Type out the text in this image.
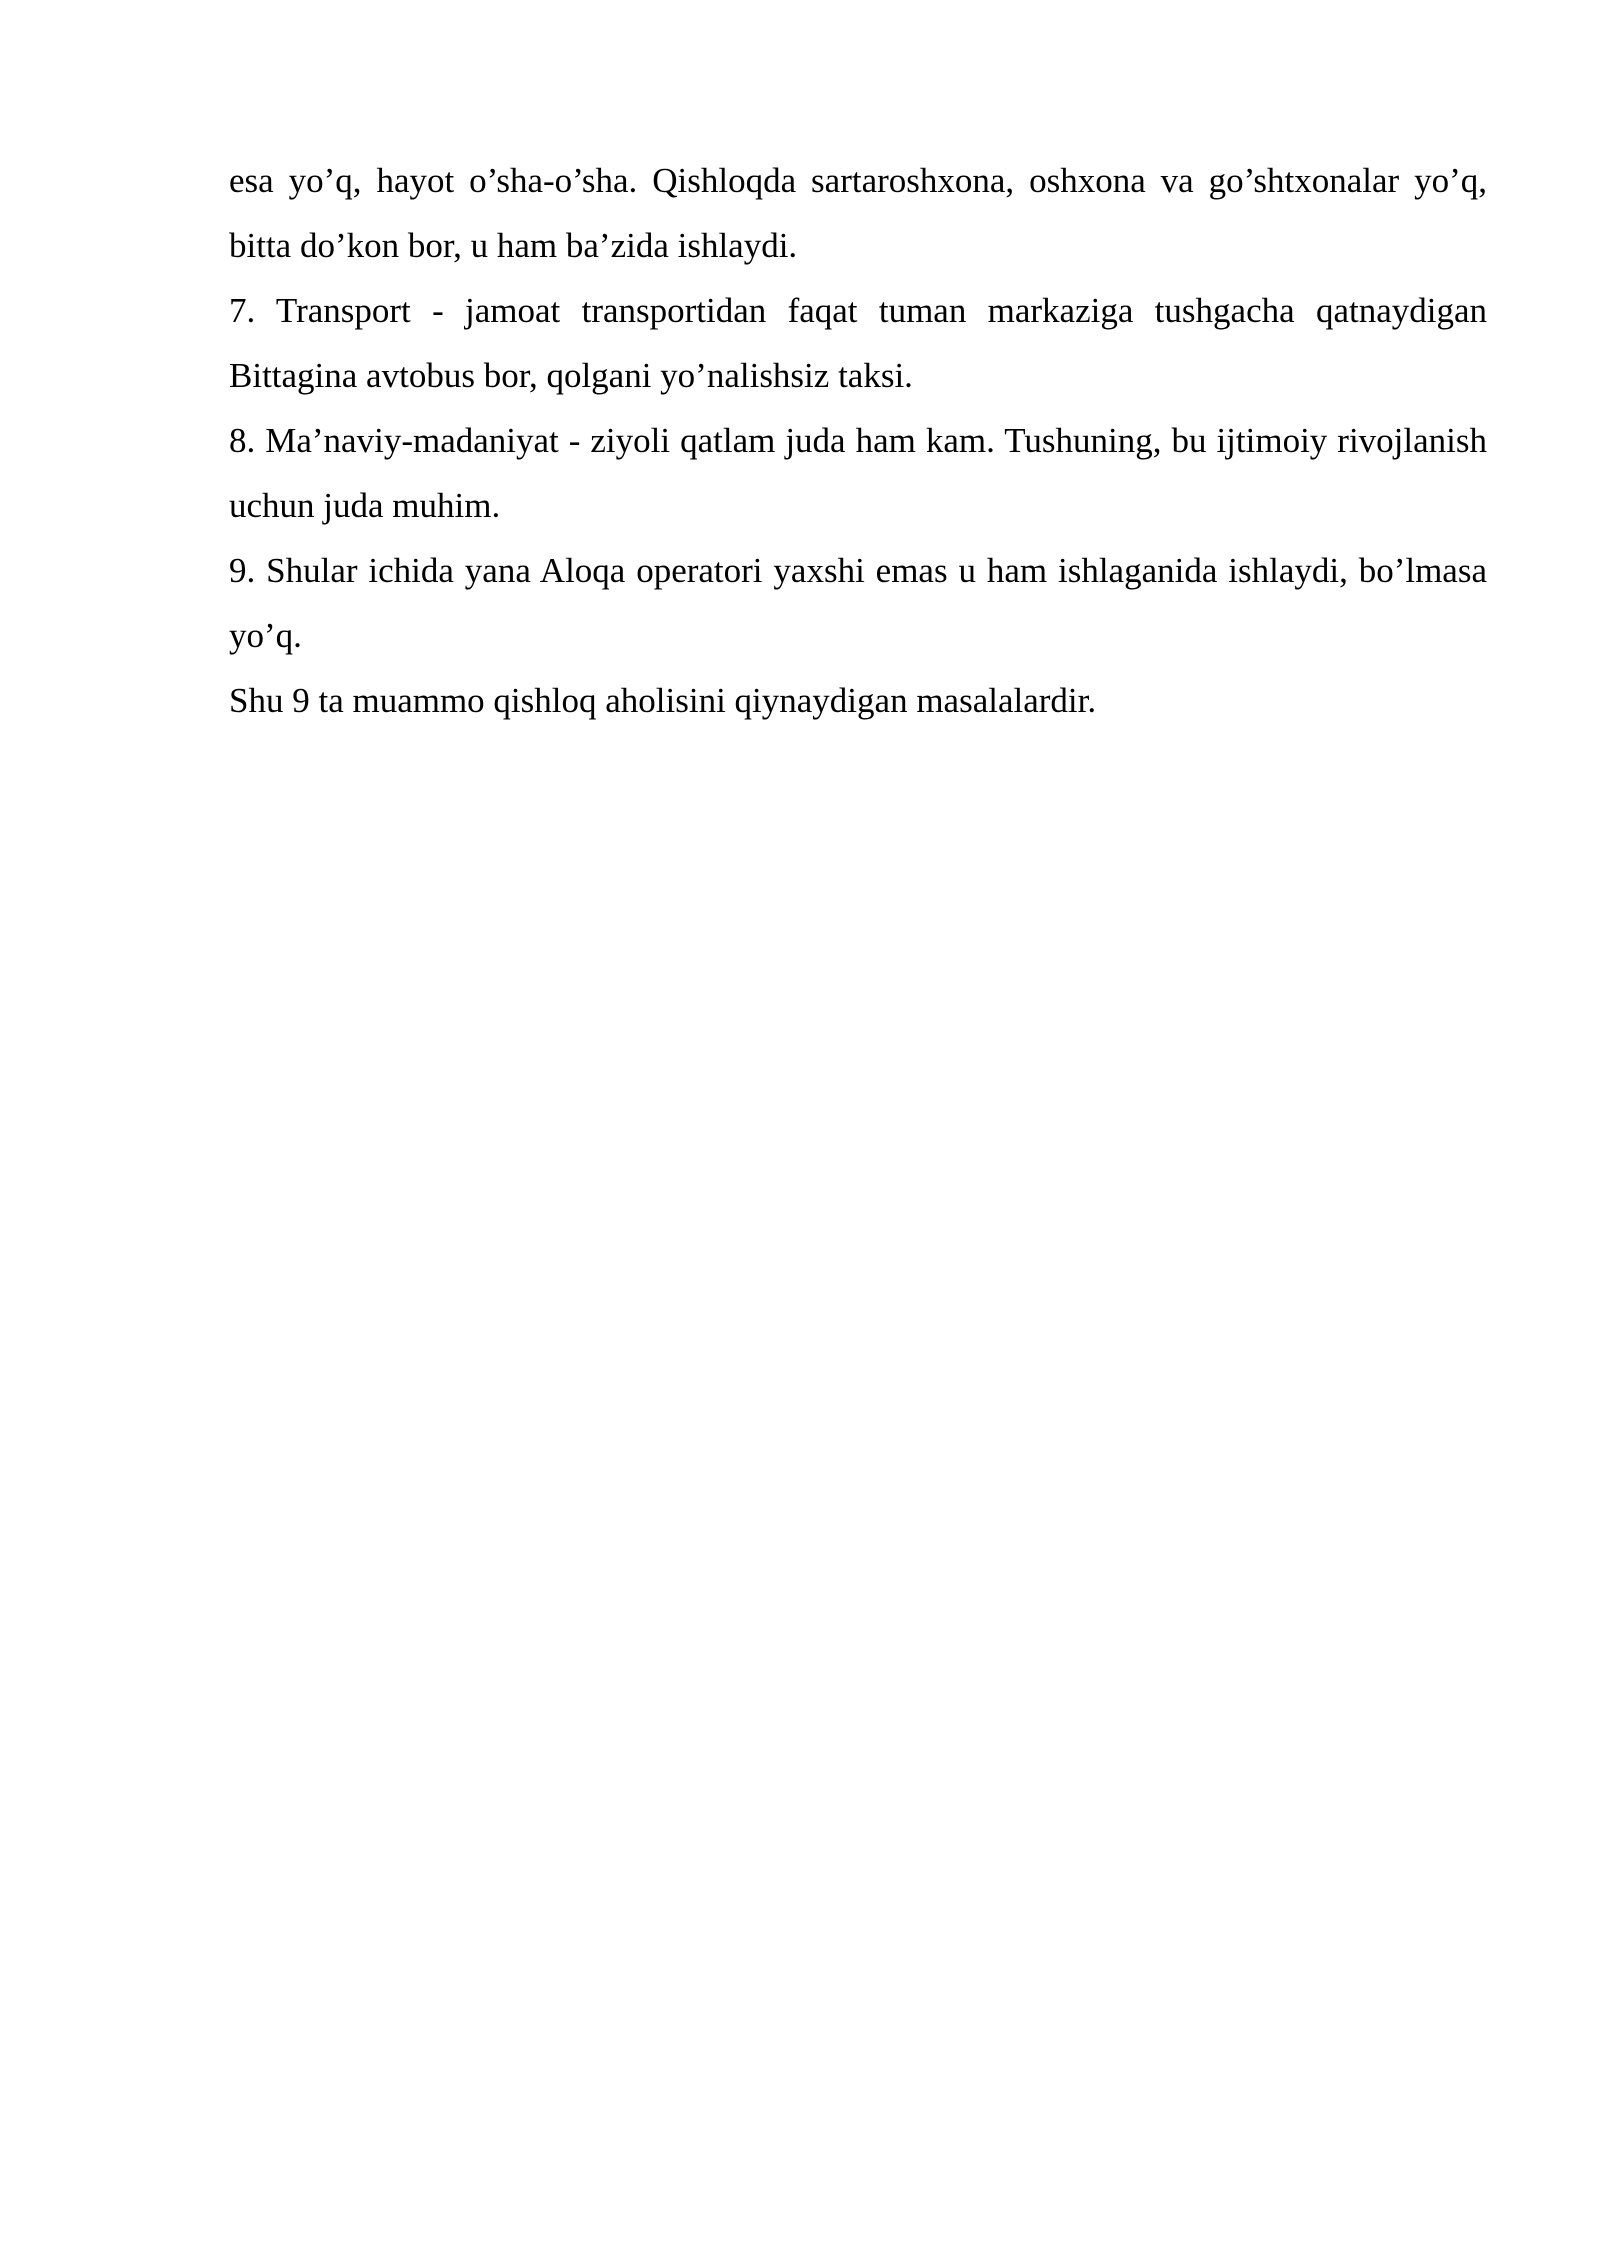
esa yo’q, hayot o’sha-o’sha. Qishloqda sartaroshxona, oshxona va go’shtxonalar yo’q, bitta do’kon bor, u ham ba’zida ishlaydi.

7. Transport - jamoat transportidan faqat tuman markaziga tushgacha qatnaydigan Bittagina avtobus bor, qolgani yo’nalishsiz taksi.

8. Ma’naviy-madaniyat - ziyoli qatlam juda ham kam. Tushuning, bu ijtimoiy rivojlanish uchun juda muhim.

9. Shular ichida yana Aloqa operatori yaxshi emas u ham ishlaganida ishlaydi, bo’lmasa yo’q.

Shu 9 ta muammo qishloq aholisini qiynaydigan masalalardir.
